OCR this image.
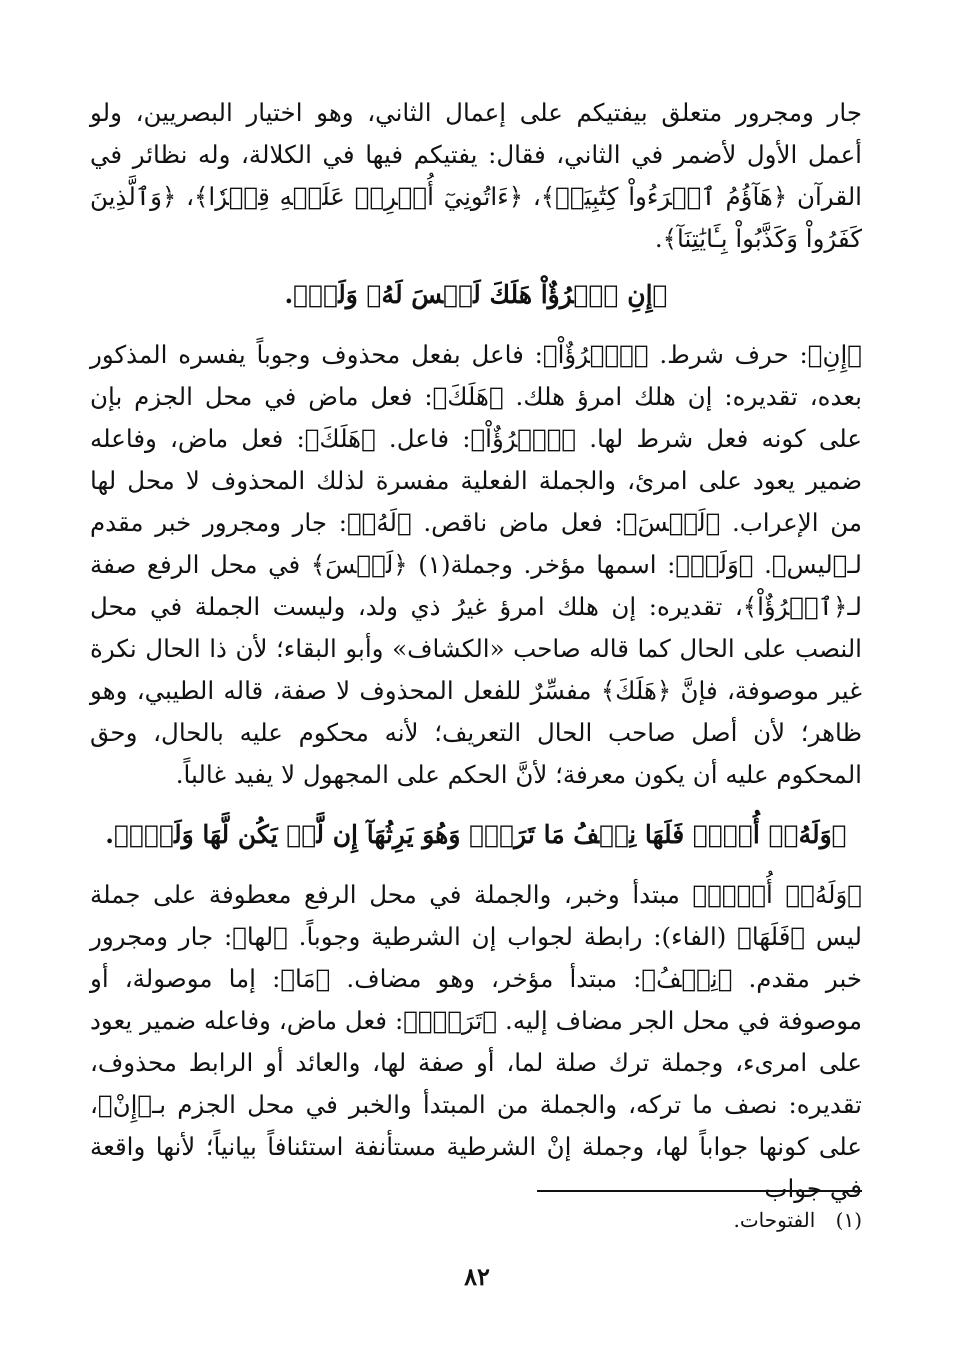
جار ومجرور متعلق بيفتيكم على إعمال الثاني، وهو اختيار البصريين، ولو أعمل الأول لأضمر في الثاني، فقال: يفتيكم فيها في الكلالة، وله نظائر في القرآن ﴿هَآؤُمُ ٱقۡرَءُواْ كِتَٰبِيَهۡ﴾، ﴿ءَاتُونِيٓ أُفۡرِغۡ عَلَيۡهِ قِطۡرٗا﴾، ﴿وَٱلَّذِينَ كَفَرُواْ وَكَذَّبُواْ بِـَٔايَٰتِنَآ﴾.

﴿إِنِ ٱمۡرُؤٌاْ هَلَكَ لَيۡسَ لَهُۥ وَلَدٞ﴾.

﴿إِنِ﴾: حرف شرط. ﴿ٱمۡرُؤٌاْ﴾: فاعل بفعل محذوف وجوباً يفسره المذكور بعده، تقديره: إن هلك امرؤ هلك. ﴿هَلَكَ﴾: فعل ماض في محل الجزم بإن على كونه فعل شرط لها. ﴿ٱمۡرُؤٌاْ﴾: فاعل. ﴿هَلَكَ﴾: فعل ماض، وفاعله ضمير يعود على امرئ، والجملة الفعلية مفسرة لذلك المحذوف لا محل لها من الإعراب. ﴿لَيۡسَ﴾: فعل ماض ناقص. ﴿لَهُۥ﴾: جار ومجرور خبر مقدم لـ﴿ليس﴾. ﴿وَلَدٞ﴾: اسمها مؤخر. وجملة(١) ﴿لَيۡسَ﴾ في محل الرفع صفة لـ﴿ٱمۡرُؤٌاْ﴾، تقديره: إن هلك امرؤ غيرُ ذي ولد، وليست الجملة في محل النصب على الحال كما قاله صاحب «الكشاف» وأبو البقاء؛ لأن ذا الحال نكرة غير موصوفة، فإنَّ ﴿هَلَكَ﴾ مفسِّرٌ للفعل المحذوف لا صفة، قاله الطيبي، وهو ظاهر؛ لأن أصل صاحب الحال التعريف؛ لأنه محكوم عليه بالحال، وحق المحكوم عليه أن يكون معرفة؛ لأنَّ الحكم على المجهول لا يفيد غالباً.

﴿وَلَهُۥٓ أُخۡتٞ فَلَهَا نِصۡفُ مَا تَرَكَۚ وَهُوَ يَرِثُهَآ إِن لَّمۡ يَكُن لَّهَا وَلَدٞۚ﴾.

﴿وَلَهُۥٓ أُخۡتٞ﴾ مبتدأ وخبر، والجملة في محل الرفع معطوفة على جملة ليس ﴿فَلَهَا﴾ (الفاء): رابطة لجواب إن الشرطية وجوباً. ﴿لها﴾: جار ومجرور خبر مقدم. ﴿نِصۡفُ﴾: مبتدأ مؤخر، وهو مضاف. ﴿مَا﴾: إما موصولة، أو موصوفة في محل الجر مضاف إليه. ﴿تَرَكَۚ﴾: فعل ماض، وفاعله ضمير يعود على امرىء، وجملة ترك صلة لما، أو صفة لها، والعائد أو الرابط محذوف، تقديره: نصف ما تركه، والجملة من المبتدأ والخبر في محل الجزم بـ﴿إِنْ﴾، على كونها جواباً لها، وجملة إنْ الشرطية مستأنفة استئنافاً بيانياً؛ لأنها واقعة في جواب

(١) الفتوحات.
٨٢
